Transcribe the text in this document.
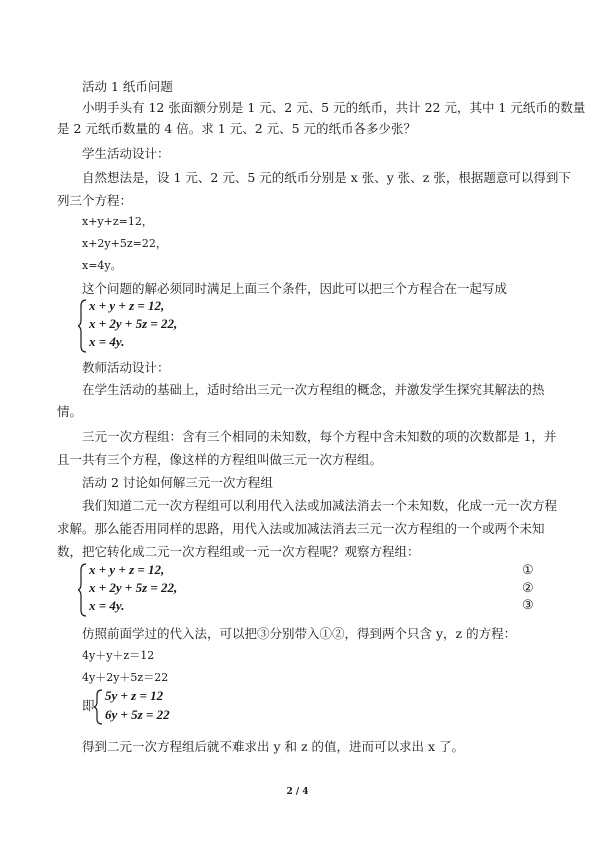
活动 1 纸币问题
小明手头有 12 张面额分别是 1 元、2 元、5 元的纸币，共计 22 元，其中 1 元纸币的数量
是 2 元纸币数量的 4 倍。求 1 元、2 元、5 元的纸币各多少张？
学生活动设计：
自然想法是，设 1 元、2 元、5 元的纸币分别是 x 张、y 张、z 张，根据题意可以得到下
列三个方程：
x+y+z=12，
x+2y+5z=22，
x=4y。
这个问题的解必须同时满足上面三个条件，因此可以把三个方程合在一起写成
x + y + z = 12,
x + 2y + 5z = 22,
x = 4y.
教师活动设计：
在学生活动的基础上，适时给出三元一次方程组的概念，并激发学生探究其解法的热
情。
三元一次方程组：含有三个相同的未知数，每个方程中含未知数的项的次数都是 1，并
且一共有三个方程，像这样的方程组叫做三元一次方程组。
活动 2 讨论如何解三元一次方程组
我们知道二元一次方程组可以利用代入法或加减法消去一个未知数，化成一元一次方程
求解。那么能否用同样的思路，用代入法或加减法消去三元一次方程组的一个或两个未知
数，把它转化成二元一次方程组或一元一次方程呢？观察方程组：
x + y + z = 12,
x + 2y + 5z = 22,
x = 4y.
①
②
③
仿照前面学过的代入法，可以把③分别带入①②，得到两个只含 y，z 的方程：
4y＋y＋z＝12
4y＋2y＋5z＝22
即
5y + z = 12
6y + 5z = 22
得到二元一次方程组后就不难求出 y 和 z 的值，进而可以求出 x 了。
2 / 4
